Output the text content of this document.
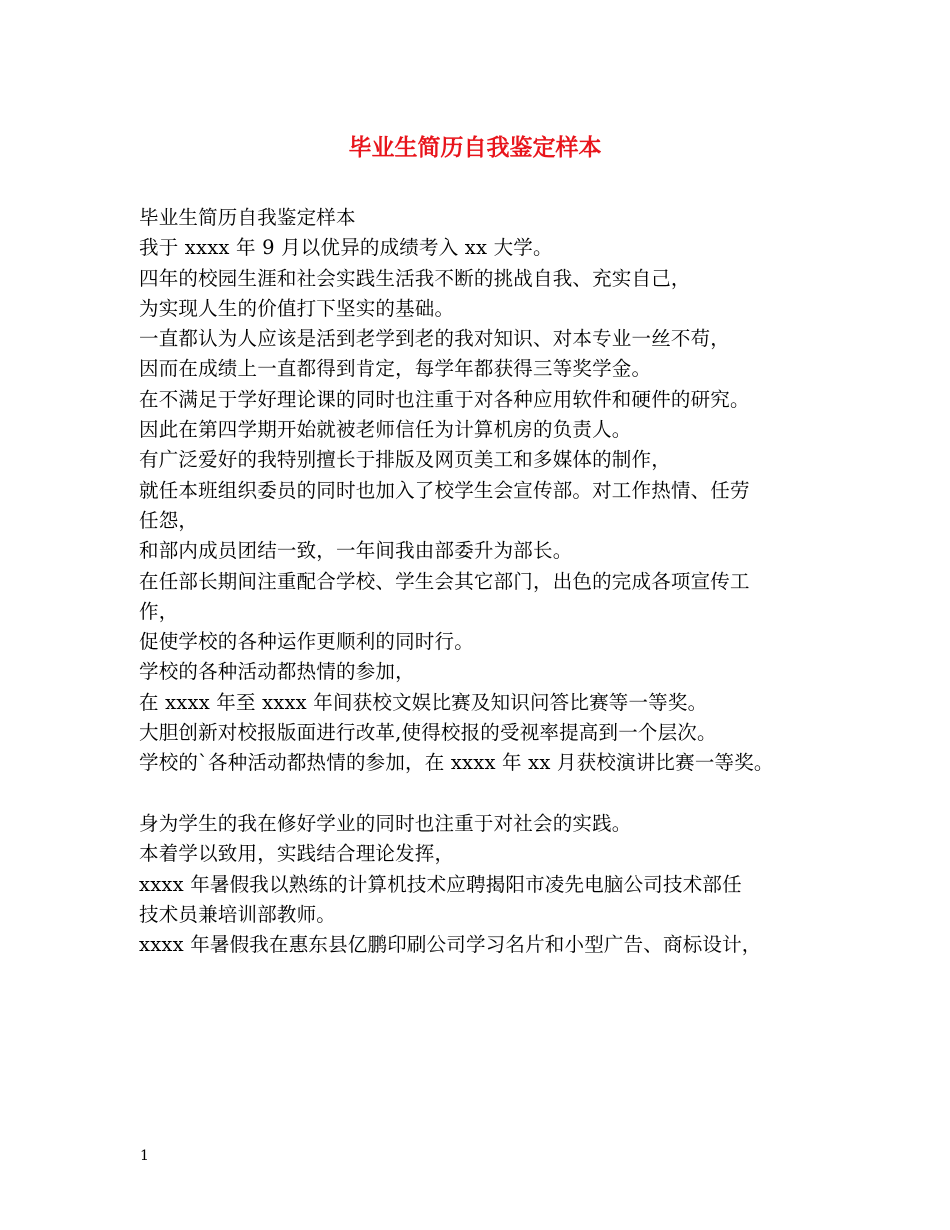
毕业生简历自我鉴定样本
毕业生简历自我鉴定样本
我于 xxxx 年 9 月以优异的成绩考入 xx 大学。
四年的校园生涯和社会实践生活我不断的挑战自我、充实自己，
为实现人生的价值打下坚实的基础。
一直都认为人应该是活到老学到老的我对知识、对本专业一丝不苟，
因而在成绩上一直都得到肯定，每学年都获得三等奖学金。
在不满足于学好理论课的同时也注重于对各种应用软件和硬件的研究。
因此在第四学期开始就被老师信任为计算机房的负责人。
有广泛爱好的我特别擅长于排版及网页美工和多媒体的制作，
就任本班组织委员的同时也加入了校学生会宣传部。对工作热情、任劳
任怨，
和部内成员团结一致，一年间我由部委升为部长。
在任部长期间注重配合学校、学生会其它部门，出色的完成各项宣传工
作，
促使学校的各种运作更顺利的同时行。
学校的各种活动都热情的参加，
在 xxxx 年至 xxxx 年间获校文娱比赛及知识问答比赛等一等奖。
大胆创新对校报版面进行改革,使得校报的受视率提高到一个层次。
学校的`各种活动都热情的参加，在 xxxx 年 xx 月获校演讲比赛一等奖。
身为学生的我在修好学业的同时也注重于对社会的实践。
本着学以致用，实践结合理论发挥，
xxxx 年暑假我以熟练的计算机技术应聘揭阳市凌先电脑公司技术部任
技术员兼培训部教师。
xxxx 年暑假我在惠东县亿鹏印刷公司学习名片和小型广告、商标设计，
1
